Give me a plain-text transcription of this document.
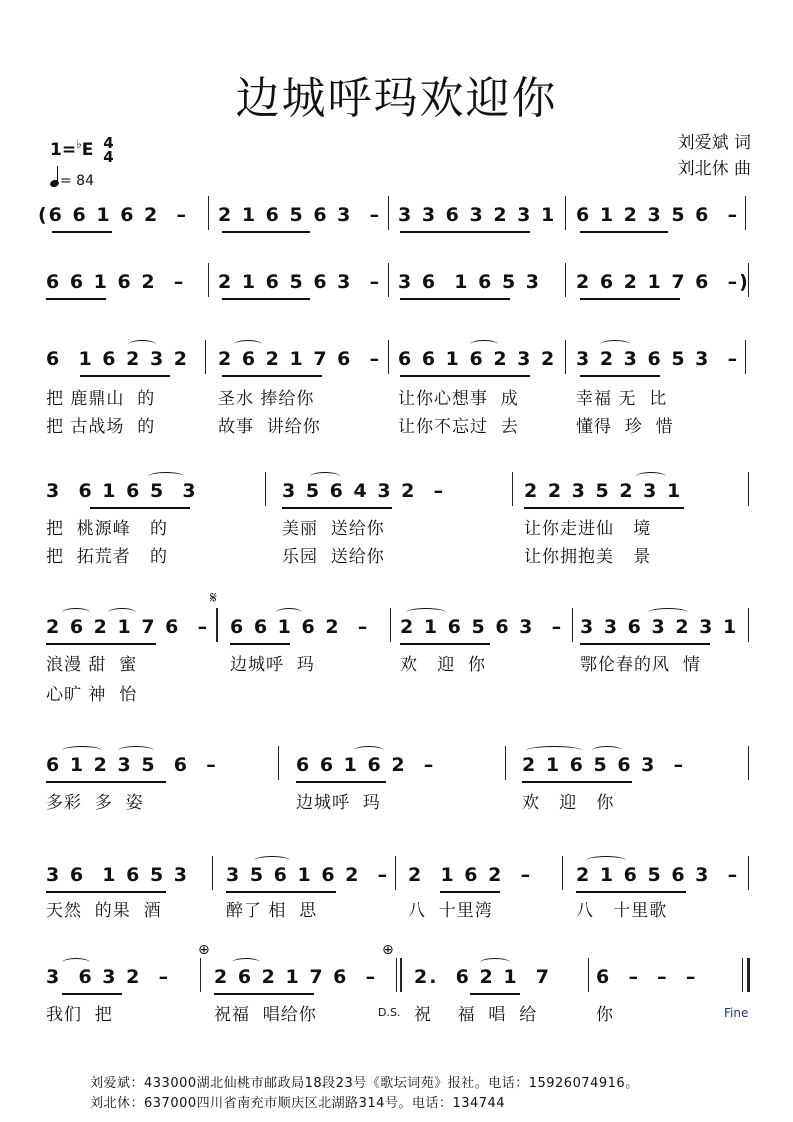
边城呼玛欢迎你
刘爱斌 词
刘北休 曲
1=♭E 4
4
= 84
(6 6 1 6 2  – 2 1 6 5 6 3  – 3 3 6 3 2 3 1 6 1 2 3 5 6  –
6 6 1 6 2  – 2 1 6 5 6 3  – 3 6  1 6 5 3 2 6 2 1 7 6  –)
6  1 6 2 3 2 2 6 2 1 7 6  – 6 6 1 6 2 3 2 3 2 3 6 5 3  –
把 鹿鼎山  的	圣水 捧给你	让你心想事  成	幸福 无  比
把 古战场  的	故事  讲给你	让你不忘过  去	懂得  珍  惜
3  6 1 6 5  3	3 5 6 4 3 2  –	2 2 3 5 2 3 1
把  桃源峰   的	美丽  送给你	让你走进仙   境
把  拓荒者   的	乐园  送给你	让你拥抱美   景
𝄋
2 6 2 1 7 6  – 6 6 1 6 2  – 2 1 6 5 6 3  – 3 3 6 3 2 3 1
浪漫 甜  蜜	边城呼  玛	欢   迎  你	鄂伦春的风  情
心旷 神  怡
6 1 2 3 5  6  –	6 6 1 6 2  –	2 1 6 5 6 3  –
多彩  多  姿	边城呼  玛	欢   迎   你
3 6  1 6 5 3 3 5 6 1 6 2  – 2  1 6 2  – 2 1 6 5 6 3  –
天然  的果  酒	醉了 相  思	八  十里湾	八   十里歌
⊕	⊕
3  6 3 2  – 2 6 2 1 7 6  – 2.  6 2 1  7 6  –  –  –
我们  把	祝福  唱给你	D.S. 祝    福  唱  给	你	Fine
刘爱斌：433000湖北仙桃市邮政局18段23号《歌坛词苑》报社。电话：15926074916。
刘北休：637000四川省南充市顺庆区北湖路314号。电话：134744
